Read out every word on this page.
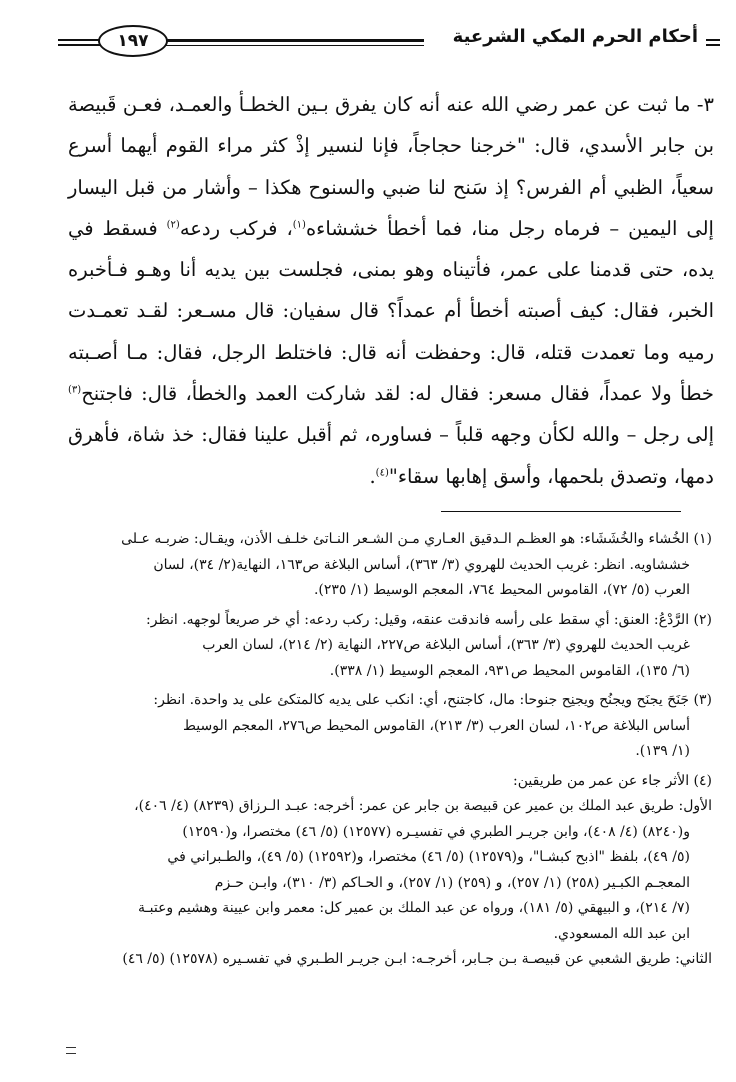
١٩٧	أحكام الحرم المكي الشرعية

٣- ما ثبت عن عمر رضي الله عنه أنه كان يفرق بـين الخطـأ والعمـد، فعـن قَبيصة بن جابر الأسدي، قال: "خرجنا حجاجاً، فإنا لنسير إذْ كثر مراء القوم أيهما أسرع سعياً، الظبي أم الفرس؟ إذ سَنح لنا ضبي والسنوح هكذا – وأشار من قبل اليسار إلى اليمين – فرماه رجل منا، فما أخطأ خششاءه$^{(١)}$، فركب ردعه$^{(٢)}$ فسقط في يده، حتى قدمنا على عمر، فأتيناه وهو بمنى، فجلست بين يديه أنا وهـو فـأخبره الخبر، فقال: كيف أصبته أخطأ أم عمداً؟ قال سفيان: قال مسـعر: لقـد تعمـدت رميه وما تعمدت قتله، قال: وحفظت أنه قال: فاختلط الرجل، فقال: مـا أصـبته خطأ ولا عمداً، فقال مسعر: فقال له: لقد شاركت العمد والخطأ، قال: فاجتنح$^{(٣)}$ إلى رجل – والله لكأن وجهه قلباً – فساوره، ثم أقبل علينا فقال: خذ شاة، فأهرق دمها، وتصدق بلحمها، وأسق إهابها سقاء"$^{(٤)}$.

(١) الخُشاء والخُشَشَاء: هو العظـم الـدقيق العـاري مـن الشـعر النـاتئ خلـف الأذن، ويقـال: ضربـه عـلى
خششاويه. انظر: غريب الحديث للهروي (٣/ ٣٦٣)، أساس البلاغة ص١٦٣، النهاية(٢/ ٣٤)، لسان
العرب (٥/ ٧٢)، القاموس المحيط ٧٦٤، المعجم الوسيط (١/ ٢٣٥).
(٢) الرَّدْعُ: العنق: أي سقط على رأسه فاندقت عنقه، وقيل: ركب ردعه: أي خر صريعاً لوجهه. انظر:
غريب الحديث للهروي (٣/ ٣٦٣)، أساس البلاغة ص٢٢٧، النهاية (٢/ ٢١٤)، لسان العرب
(٦/ ١٣٥)، القاموس المحيط ص٩٣١، المعجم الوسيط (١/ ٣٣٨).
(٣) جَنَحَ يجنَح ويجنُح ويجنِح جنوحا: مال، كاجتنح، أي: انكب على يديه كالمتكئ على يد واحدة. انظر:
أساس البلاغة ص١٠٢، لسان العرب (٣/ ٢١٣)، القاموس المحيط ص٢٧٦، المعجم الوسيط
(١/ ١٣٩).
(٤) الأثر جاء عن عمر من طريقين:
الأول: طريق عبد الملك بن عمير عن قبيصة بن جابر عن عمر: أخرجه: عبـد الـرزاق (٨٢٣٩) (٤/ ٤٠٦)،
و(٨٢٤٠) (٤/ ٤٠٨)، وابن جريـر الطبري في تفسيـره (١٢٥٧٧) (٥/ ٤٦) مختصرا، و(١٢٥٩٠)
(٥/ ٤٩)، بلفظ "اذبح كبشـا"، و(١٢٥٧٩) (٥/ ٤٦) مختصرا، و(١٢٥٩٢) (٥/ ٤٩)، والطـبراني في
المعجـم الكبـير (٢٥٨) (١/ ٢٥٧)، و (٢٥٩) (١/ ٢٥٧)، و الحـاكم (٣/ ٣١٠)، وابـن حـزم
(٧/ ٢١٤)، و البيهقي (٥/ ١٨١)، ورواه عن عبد الملك بن عمير كل: معمر وابن عيينة وهشيم وعتبـة
ابن عبد الله المسعودي.
الثاني: طريق الشعبي عن قبيصـة بـن جـابر، أخرجـه: ابـن جريـر الطـبري في تفسـيره (١٢٥٧٨) (٥/ ٤٦)
